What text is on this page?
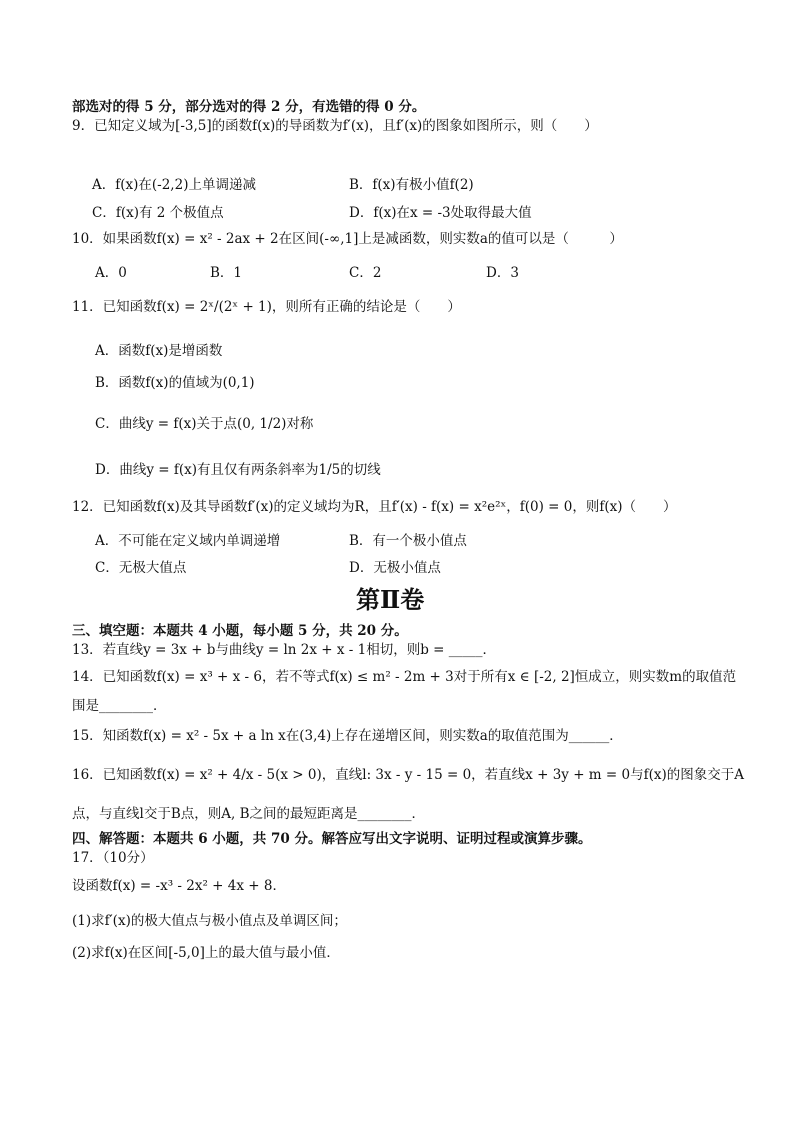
部选对的得 5 分，部分选对的得 2 分，有选错的得 0 分。
9．已知定义域为[-3,5]的函数f(x)的导函数为f′(x)，且f′(x)的图象如图所示，则（　　）
A．f(x)在(-2,2)上单调递减	B．f(x)有极小值f(2)
C．f(x)有 2 个极值点	D．f(x)在x = -3处取得最大值
10．如果函数f(x) = x² - 2ax + 2在区间(-∞,1]上是减函数，则实数a的值可以是（　　　）
A．0	B．1	C．2	D．3
11．已知函数f(x) = 2ˣ/(2ˣ + 1)，则所有正确的结论是（　　）
A．函数f(x)是增函数
B．函数f(x)的值域为(0,1)
C．曲线y = f(x)关于点(0, 1/2)对称
D．曲线y = f(x)有且仅有两条斜率为1/5的切线
12．已知函数f(x)及其导函数f′(x)的定义域均为R，且f′(x) - f(x) = x²e²ˣ，f(0) = 0，则f(x)（　　）
A．不可能在定义域内单调递增	B．有一个极小值点
C．无极大值点	D．无极小值点
第Ⅱ卷
三、填空题：本题共 4 小题，每小题 5 分，共 20 分。
13．若直线y = 3x + b与曲线y = ln 2x + x - 1相切，则b = _____．
14．已知函数f(x) = x³ + x - 6，若不等式f(x) ≤ m² - 2m + 3对于所有x ∈ [-2, 2]恒成立，则实数m的取值范
围是________．
15．知函数f(x) = x² - 5x + a ln x在(3,4)上存在递增区间，则实数a的取值范围为______．
16．已知函数f(x) = x² + 4/x - 5(x > 0)，直线l: 3x - y - 15 = 0，若直线x + 3y + m = 0与f(x)的图象交于A
点，与直线l交于B点，则A, B之间的最短距离是________．
四、解答题：本题共 6 小题，共 70 分。解答应写出文字说明、证明过程或演算步骤。
17．（10分）
设函数f(x) = -x³ - 2x² + 4x + 8．
(1)求f′(x)的极大值点与极小值点及单调区间；
(2)求f(x)在区间[-5,0]上的最大值与最小值．
